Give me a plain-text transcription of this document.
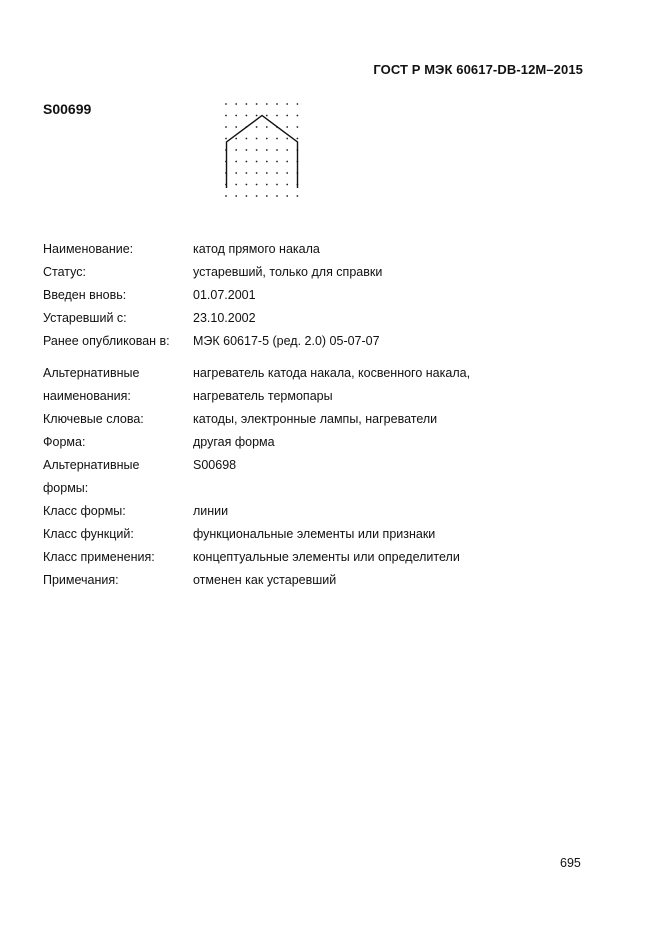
ГОСТ Р МЭК 60617-DB-12M–2015
S00699
Наименование:	катод прямого накала
Статус:	устаревший, только для справки
Введен вновь:	01.07.2001
Устаревший с:	23.10.2002
Ранее опубликован в:	МЭК 60617-5 (ред. 2.0) 05-07-07
Альтернативные наименования:
нагреватель катода накала, косвенного накала,
нагреватель термопары
Ключевые слова:	катоды, электронные лампы, нагреватели
Форма:	другая форма
Альтернативные формы:
S00698
Класс формы:	линии
Класс функций:	функциональные элементы или признаки
Класс применения:	концептуальные элементы или определители
Примечания:	отменен как устаревший
695
